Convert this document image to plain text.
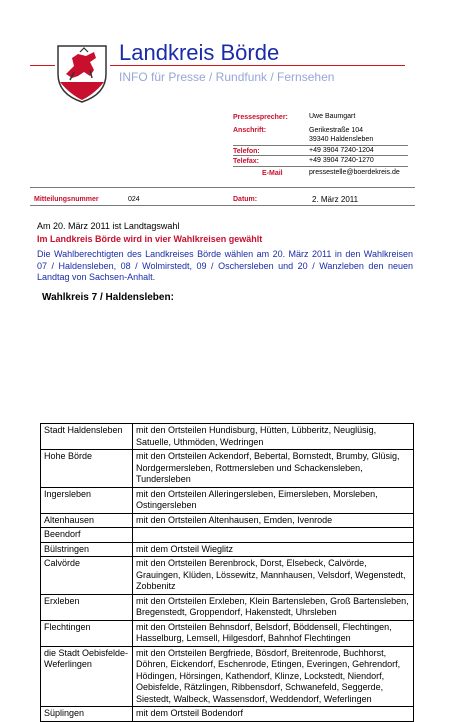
Landkreis Börde
INFO für Presse / Rundfunk / Fernsehen
Pressesprecher:	Uwe Baumgart
Anschrift:	Gerikestraße 104
39340 Haldensleben
Telefon:	+49 3904 7240-1204
Telefax:	+49 3904 7240-1270
E-Mail	pressestelle@boerdekreis.de
Mitteilungsnummer	024	Datum:	2. März 2011
Am 20. März 2011 ist Landtagswahl
Im Landkreis Börde wird in vier Wahlkreisen gewählt
Die Wahlberechtigten des Landkreises Börde wählen am 20. März 2011 in den Wahlkreisen 07 / Haldensleben, 08 / Wolmirstedt, 09 / Oschersleben und 20 / Wanzleben den neuen Landtag von Sachsen-Anhalt.
Wahlkreis 7 / Haldensleben:
Stadt Haldensleben	mit den Ortsteilen Hundisburg, Hütten, Lübberitz, Neuglüsig, Satuelle, Uthmöden, Wedringen
Hohe Börde	mit den Ortsteilen Ackendorf, Bebertal, Bornstedt, Brumby, Glüsig, Nordgermersleben, Rottmersleben und Schackensleben, Tundersleben
Ingersleben	mit den Ortsteilen Alleringersleben, Eimersleben, Morsleben, Ostingersleben
Altenhausen	mit den Ortsteilen Altenhausen, Emden, Ivenrode
Beendorf	
Bülstringen	mit dem Ortsteil Wieglitz
Calvörde	mit den Ortsteilen Berenbrock, Dorst, Elsebeck, Calvörde, Grauingen, Klüden, Lössewitz, Mannhausen, Velsdorf, Wegenstedt, Zobbenitz
Erxleben	mit den Ortsteilen Erxleben, Klein Bartensleben, Groß Bartensleben, Bregenstedt, Groppendorf, Hakenstedt, Uhrsleben
Flechtingen	mit den Ortsteilen Behnsdorf, Belsdorf, Böddensell, Flechtingen, Hasselburg, Lemsell, Hilgesdorf, Bahnhof Flechtingen
die Stadt Oebisfelde-Weferlingen	mit den Ortsteilen Bergfriede, Bösdorf, Breitenrode, Buchhorst, Döhren, Eickendorf, Eschenrode, Etingen, Everingen, Gehrendorf, Hödingen, Hörsingen, Kathendorf, Klinze, Lockstedt, Niendorf, Oebisfelde, Rätzlingen, Ribbensdorf, Schwanefeld, Seggerde, Siestedt, Walbeck, Wassensdorf, Weddendorf, Weferlingen
Süplingen	mit dem Ortsteil Bodendorf
